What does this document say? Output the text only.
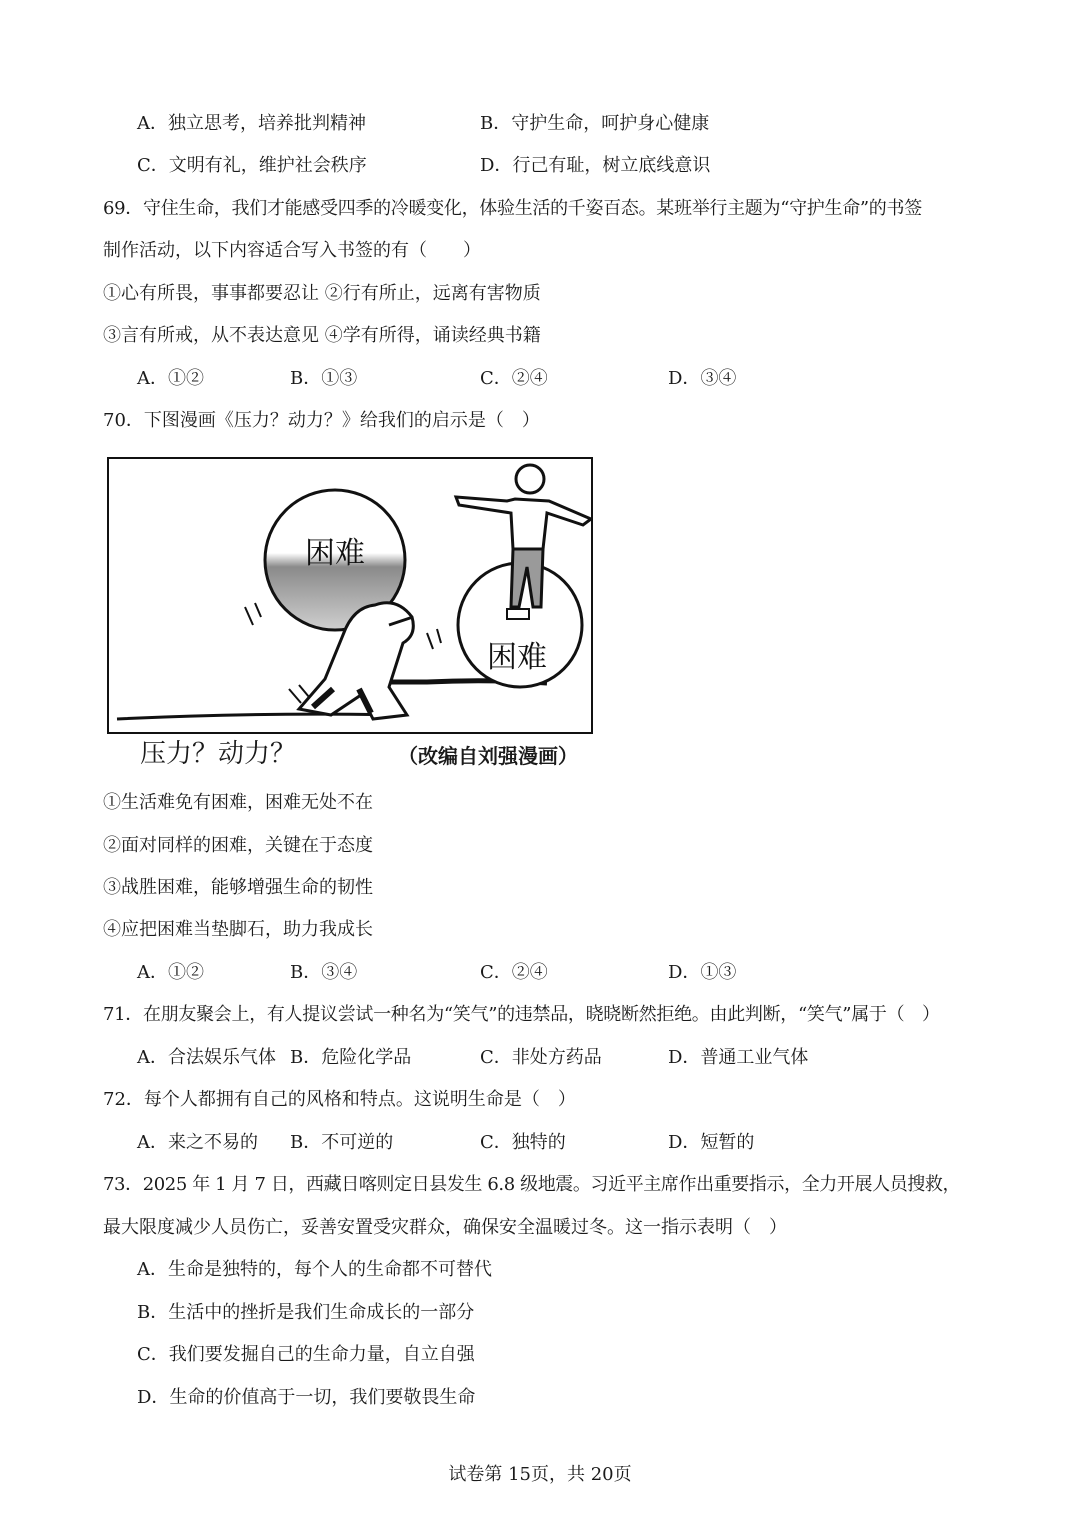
A．独立思考，培养批判精神	B．守护生命，呵护身心健康
C．文明有礼，维护社会秩序	D．行己有耻，树立底线意识
69．守住生命，我们才能感受四季的冷暖变化，体验生活的千姿百态。某班举行主题为“守护生命”的书签
制作活动，以下内容适合写入书签的有（　　）
①心有所畏，事事都要忍让 ②行有所止，远离有害物质
③言有所戒，从不表达意见 ④学有所得，诵读经典书籍
A．①②	B．①③	C．②④	D．③④
70．下图漫画《压力？动力？》给我们的启示是（　）
困难
困难
压力？动力？	（改编自刘强漫画）
①生活难免有困难，困难无处不在
②面对同样的困难，关键在于态度
③战胜困难，能够增强生命的韧性
④应把困难当垫脚石，助力我成长
A．①②	B．③④	C．②④	D．①③
71．在朋友聚会上，有人提议尝试一种名为“笑气”的违禁品，晓晓断然拒绝。由此判断，“笑气”属于（　）
A．合法娱乐气体 B．危险化学品	C．非处方药品	D．普通工业气体
72．每个人都拥有自己的风格和特点。这说明生命是（　）
A．来之不易的 B．不可逆的	C．独特的	D．短暂的
73．2025 年 1 月 7 日，西藏日喀则定日县发生 6.8 级地震。习近平主席作出重要指示，全力开展人员搜救，
最大限度减少人员伤亡，妥善安置受灾群众，确保安全温暖过冬。这一指示表明（　）
A．生命是独特的，每个人的生命都不可替代
B．生活中的挫折是我们生命成长的一部分
C．我们要发掘自己的生命力量，自立自强
D．生命的价值高于一切，我们要敬畏生命
试卷第 15页，共 20页
